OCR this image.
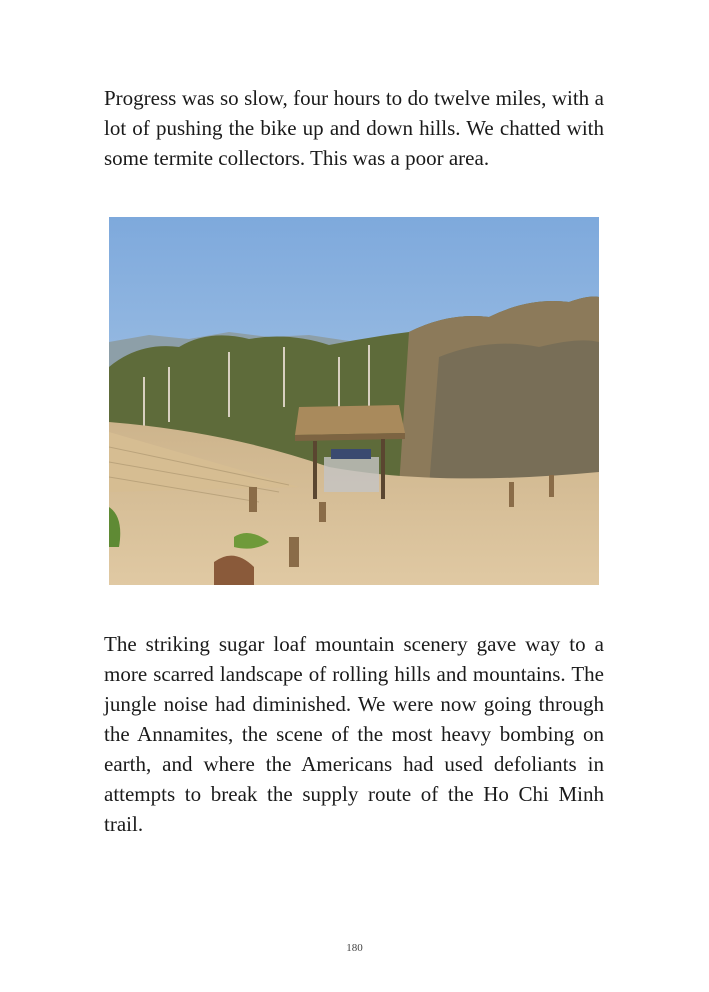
Progress was so slow, four hours to do twelve miles, with a lot of pushing the bike up and down hills. We chatted with some termite collectors. This was a poor area.

The striking sugar loaf mountain scenery gave way to a more scarred landscape of rolling hills and mountains. The jungle noise had diminished. We were now going through the Annamites, the scene of the most heavy bombing on earth, and where the Americans had used defoliants in attempts to break the supply route of the Ho Chi Minh trail.

180
